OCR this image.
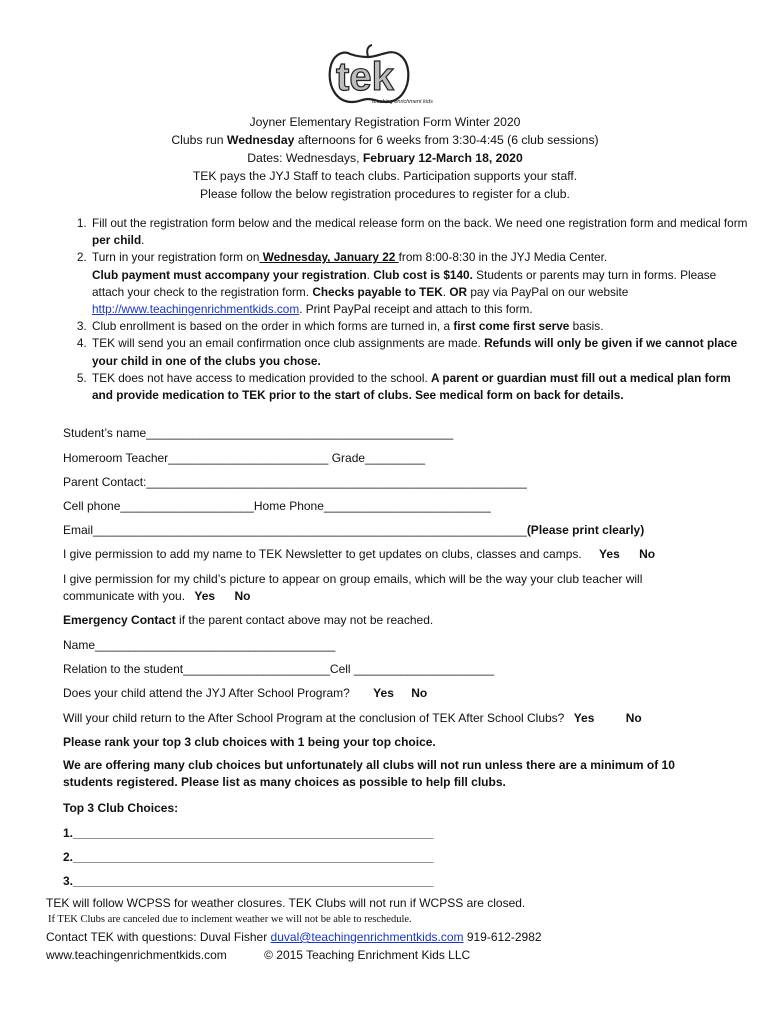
tek
teaching enrichment kids
Joyner Elementary Registration Form Winter 2020
Clubs run Wednesday afternoons for 6 weeks from 3:30-4:45 (6 club sessions)
Dates: Wednesdays, February 12-March 18, 2020
TEK pays the JYJ Staff to teach clubs. Participation supports your staff.
Please follow the below registration procedures to register for a club.
1. Fill out the registration form below and the medical release form on the back. We need one registration form and medical form per child.
2. Turn in your registration form on Wednesday, January 22 from 8:00-8:30 in the JYJ Media Center.
Club payment must accompany your registration. Club cost is $140. Students or parents may turn in forms. Please attach your check to the registration form. Checks payable to TEK. OR pay via PayPal on our website http://www.teachingenrichmentkids.com. Print PayPal receipt and attach to this form.
3. Club enrollment is based on the order in which forms are turned in, a first come first serve basis.
4. TEK will send you an email confirmation once club assignments are made. Refunds will only be given if we cannot place your child in one of the clubs you chose.
5. TEK does not have access to medication provided to the school. A parent or guardian must fill out a medical plan form and provide medication to TEK prior to the start of clubs. See medical form on back for details.
Student’s name______________________________________________
Homeroom Teacher________________________ Grade_________
Parent Contact:_________________________________________________________
Cell phone____________________Home Phone_________________________
Email_________________________________________________________________(Please print clearly)
I give permission to add my name to TEK Newsletter to get updates on clubs, classes and camps. Yes No
I give permission for my child’s picture to appear on group emails, which will be the way your club teacher will communicate with you. Yes No
Emergency Contact if the parent contact above may not be reached.
Name____________________________________
Relation to the student______________________Cell _____________________
Does your child attend the JYJ After School Program? Yes No
Will your child return to the After School Program at the conclusion of TEK After School Clubs? Yes	No
Please rank your top 3 club choices with 1 being your top choice.
We are offering many club choices but unfortunately all clubs will not run unless there are a minimum of 10 students registered. Please list as many choices as possible to help fill clubs.
Top 3 Club Choices:
1.______________________________________________________
2.______________________________________________________
3.______________________________________________________
TEK will follow WCPSS for weather closures. TEK Clubs will not run if WCPSS are closed.
If TEK Clubs are canceled due to inclement weather we will not be able to reschedule.
Contact TEK with questions: Duval Fisher duval@teachingenrichmentkids.com 919-612-2982
www.teachingenrichmentkids.com	© 2015 Teaching Enrichment Kids LLC
